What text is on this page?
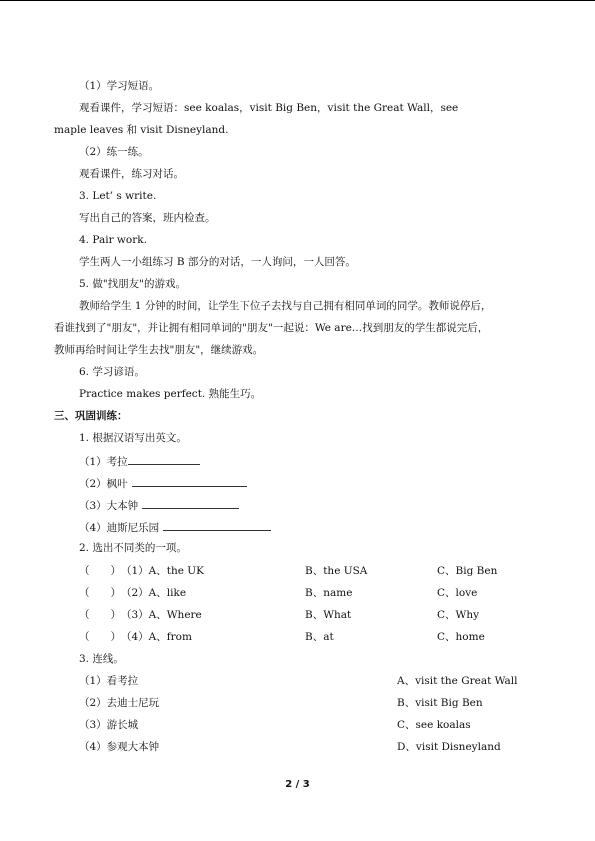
（1）学习短语。
观看课件，学习短语：see koalas，visit Big Ben，visit the Great Wall，see
maple leaves 和 visit Disneyland.
（2）练一练。
观看课件，练习对话。
3. Let’ s write.
写出自己的答案，班内检查。
4. Pair work.
学生两人一小组练习 B 部分的对话，一人询问，一人回答。
5. 做"找朋友"的游戏。
教师给学生 1 分钟的时间，让学生下位子去找与自己拥有相同单词的同学。教师说停后，
看谁找到了"朋友"，并让拥有相同单词的"朋友"一起说：We are…找到朋友的学生都说完后，
教师再给时间让学生去找"朋友"，继续游戏。
6. 学习谚语。
Practice makes perfect. 熟能生巧。
三、巩固训练：
1. 根据汉语写出英文。
（1）考拉
（2）枫叶
（3）大本钟
（4）迪斯尼乐园
2. 选出不同类的一项。
（　　）（1）A、the UK	B、the USA	C、Big Ben
（　　）（2）A、like	B、name	C、love
（　　）（3）A、Where	B、What	C、Why
（　　）（4）A、from	B、at	C、home
3. 连线。
（1）看考拉	A、visit the Great Wall
（2）去迪士尼玩	B、visit Big Ben
（3）游长城	C、see koalas
（4）参观大本钟	D、visit Disneyland
2 / 3
